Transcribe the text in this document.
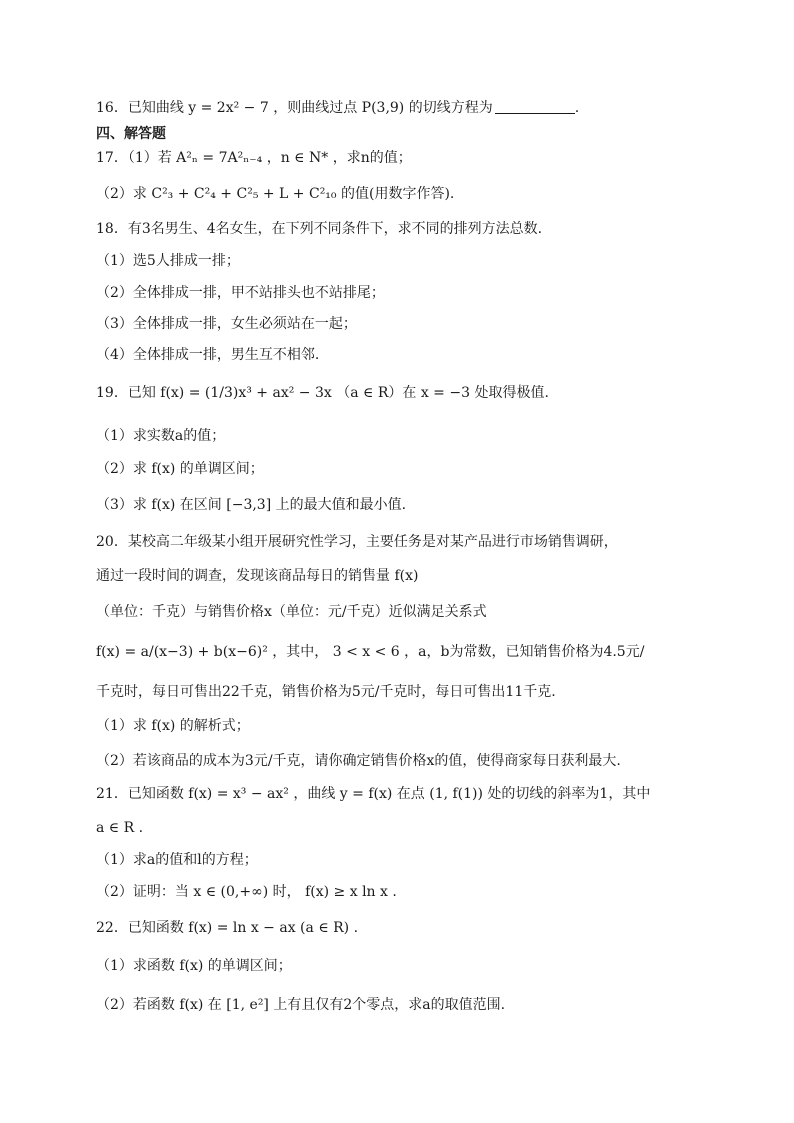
16．已知曲线 y = 2x² − 7 ，则曲线过点 P(3,9) 的切线方程为	.
四、解答题
17．（1）若 A²ₙ = 7A²ₙ₋₄ ，n ∈ N* ，求n的值；
（2）求 C²₃ + C²₄ + C²₅ + L + C²₁₀ 的值(用数字作答).
18．有3名男生、4名女生，在下列不同条件下，求不同的排列方法总数.
（1）选5人排成一排；
（2）全体排成一排，甲不站排头也不站排尾；
（3）全体排成一排，女生必须站在一起；
（4）全体排成一排，男生互不相邻.
19．已知 f(x) = (1/3)x³ + ax² − 3x （a ∈ R）在 x = −3 处取得极值.
（1）求实数a的值；
（2）求 f(x) 的单调区间；
（3）求 f(x) 在区间 [−3,3] 上的最大值和最小值.
20．某校高二年级某小组开展研究性学习，主要任务是对某产品进行市场销售调研，
通过一段时间的调查，发现该商品每日的销售量 f(x)
（单位：千克）与销售价格x（单位：元/千克）近似满足关系式
f(x) = a/(x−3) + b(x−6)² ，其中， 3 < x < 6 ，a，b为常数，已知销售价格为4.5元/
千克时，每日可售出22千克，销售价格为5元/千克时，每日可售出11千克.
（1）求 f(x) 的解析式；
（2）若该商品的成本为3元/千克，请你确定销售价格x的值，使得商家每日获利最大.
21．已知函数 f(x) = x³ − ax² ，曲线 y = f(x) 在点 (1, f(1)) 处的切线的斜率为1，其中
a ∈ R .
（1）求a的值和l的方程；
（2）证明：当 x ∈ (0,+∞) 时， f(x) ≥ x ln x .
22．已知函数 f(x) = ln x − ax (a ∈ R) .
（1）求函数 f(x) 的单调区间；
（2）若函数 f(x) 在 [1, e²] 上有且仅有2个零点，求a的取值范围.
